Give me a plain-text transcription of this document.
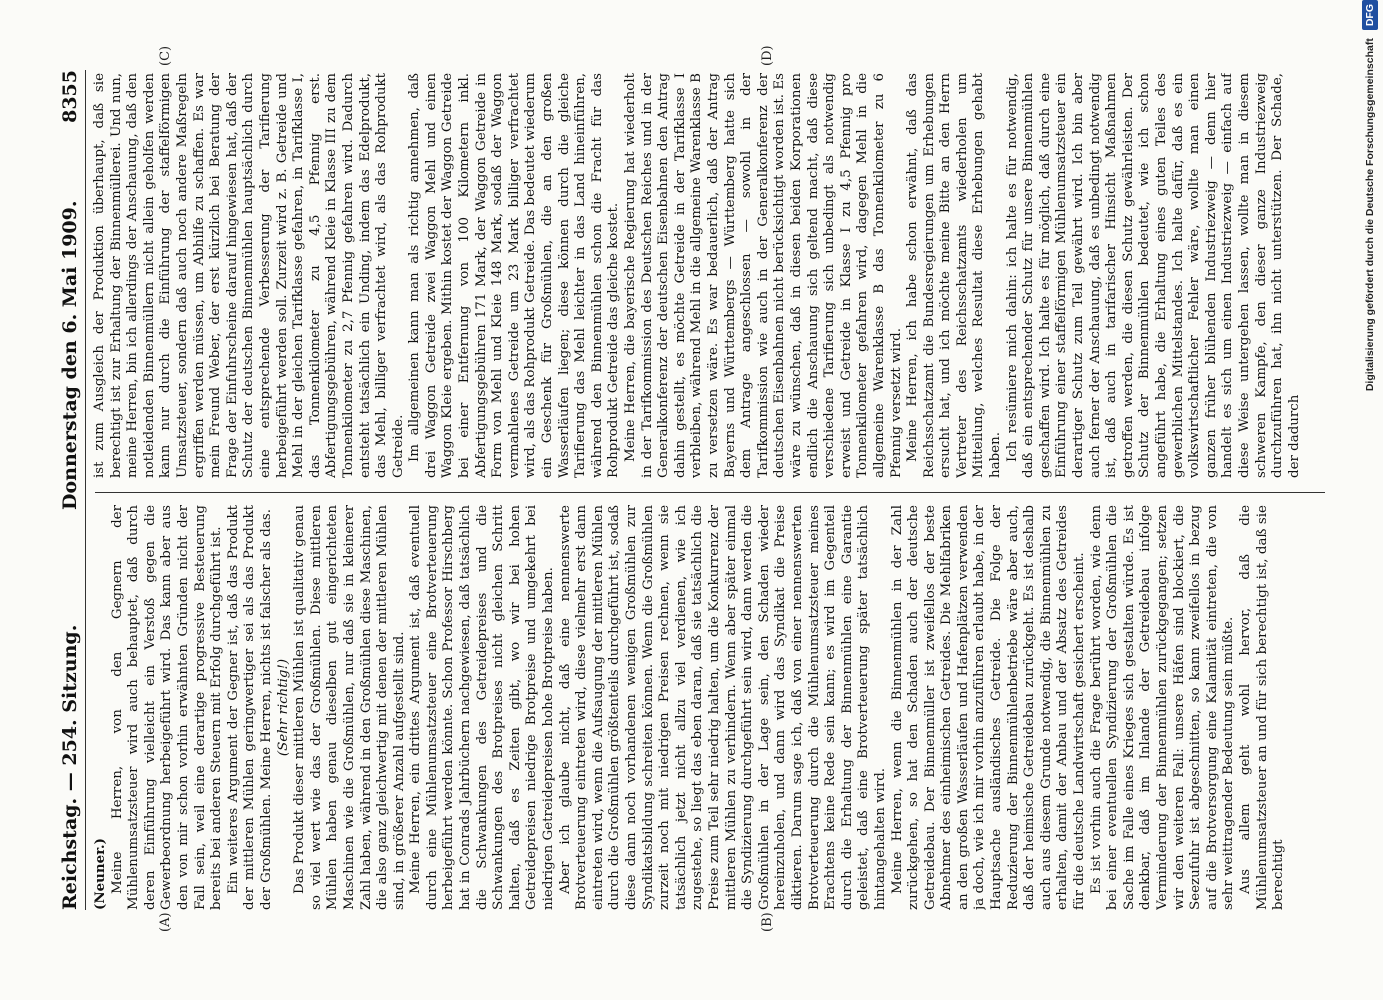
(A)	(B)
(C)	(D)
Reichstag. — 254. Sitzung.
Donnerstag den 6. Mai 1909.
8355

(Neuner.) Meine Herren, von den Gegnern der Mühlenumsatzsteuer wird auch behauptet, daß durch deren Einführung vielleicht ein Verstoß gegen die Gewerbeordnung herbeigeführt wird. Das kann aber aus den von mir schon vorhin erwähnten Gründen nicht der Fall sein, weil eine derartige progressive Besteuerung bereits bei anderen Steuern mit Erfolg durchgeführt ist. Ein weiteres Argument der Gegner ist, daß das Produkt der mittleren Mühlen geringwertiger sei als das Produkt der Großmühlen. Meine Herren, nichts ist falscher als das. (Sehr richtig!) Das Produkt dieser mittleren Mühlen ist qualitativ genau so viel wert wie das der Großmühlen. Diese mittleren Mühlen haben genau dieselben gut eingerichteten Maschinen wie die Großmühlen, nur daß sie in kleinerer Zahl haben, während in den Großmühlen diese Maschinen, die also ganz gleichwertig mit denen der mittleren Mühlen sind, in größerer Anzahl aufgestellt sind. Meine Herren, ein drittes Argument ist, daß eventuell durch eine Mühlenumsatzsteuer eine Brotverteuerung herbeigeführt werden könnte. Schon Professor Hirschberg hat in Conrads Jahrbüchern nachgewiesen, daß tatsächlich die Schwankungen des Getreidepreises und die Schwankungen des Brotpreises nicht gleichen Schritt halten, daß es Zeiten gibt, wo wir bei hohen Getreidepreisen niedrige Brotpreise und umgekehrt bei niedrigen Getreidepreisen hohe Brotpreise haben. Aber ich glaube nicht, daß eine nennenswerte Brotverteuerung eintreten wird, diese vielmehr erst dann eintreten wird, wenn die Aufsaugung der mittleren Mühlen durch die Großmühlen größtenteils durchgeführt ist, sodaß diese dann noch vorhandenen wenigen Großmühlen zur Syndikatsbildung schreiten können. Wenn die Großmühlen zurzeit noch mit niedrigen Preisen rechnen, wenn sie tatsächlich jetzt nicht allzu viel verdienen, wie ich zugestehe, so liegt das eben daran, daß sie tatsächlich die Preise zum Teil sehr niedrig halten, um die Konkurrenz der mittleren Mühlen zu verhindern. Wenn aber später einmal die Syndizierung durchgeführt sein wird, dann werden die Großmühlen in der Lage sein, den Schaden wieder hereinzuholen, und dann wird das Syndikat die Preise diktieren. Darum sage ich, daß von einer nennenswerten Brotverteuerung durch die Mühlenumsatzsteuer meines Erachtens keine Rede sein kann; es wird im Gegenteil durch die Erhaltung der Binnenmühlen eine Garantie geleistet, daß eine Brotverteuerung später tatsächlich hintangehalten wird. Meine Herren, wenn die Binnenmühlen in der Zahl zurückgehen, so hat den Schaden auch der deutsche Getreidebau. Der Binnenmüller ist zweifellos der beste Abnehmer des einheimischen Getreides. Die Mehlfabriken an den großen Wasserläufen und Hafenplätzen verwenden ja doch, wie ich mir vorhin anzuführen erlaubt habe, in der Hauptsache ausländisches Getreide. Die Folge der Reduzierung der Binnenmühlenbetriebe wäre aber auch, daß der heimische Getreidebau zurückgeht. Es ist deshalb auch aus diesem Grunde notwendig, die Binnenmühlen zu erhalten, damit der Anbau und der Absatz des Getreides für die deutsche Landwirtschaft gesichert erscheint. Es ist vorhin auch die Frage berührt worden, wie denn bei einer eventuellen Syndizierung der Großmühlen die Sache im Falle eines Krieges sich gestalten würde. Es ist denkbar, daß im Inlande der Getreidebau infolge Verminderung der Binnenmühlen zurückgegangen; setzen wir den weiteren Fall: unsere Häfen sind blockiert, die Seezufuhr ist abgeschnitten, so kann zweifellos in bezug auf die Brotversorgung eine Kalamität eintreten, die von sehr weittragender Bedeutung sein müßte. Aus allem geht wohl hervor, daß die Mühlenumsatzsteuer an und für sich berechtigt ist, daß sie berechtigt

ist zum Ausgleich der Produktion überhaupt, daß sie berechtigt ist zur Erhaltung der Binnenmüllerei. Und nun, meine Herren, bin ich allerdings der Anschauung, daß den notleidenden Binnenmüllern nicht allein geholfen werden kann nur durch die Einführung der staffelförmigen Umsatzsteuer, sondern daß auch noch andere Maßregeln ergriffen werden müssen, um Abhilfe zu schaffen. Es war mein Freund Weber, der erst kürzlich bei Beratung der Frage der Einfuhrscheine darauf hingewiesen hat, daß der Schutz der deutschen Binnenmühlen hauptsächlich durch eine entsprechende Verbesserung der Tarifierung herbeigeführt werden soll. Zurzeit wird z. B. Getreide und Mehl in der gleichen Tarifklasse gefahren, in Tarifklasse I, das Tonnenkilometer zu 4,5 Pfennig erst. Abfertigungsgebühren, während Kleie in Klasse III zu dem Tonnenkilometer zu 2,7 Pfennig gefahren wird. Dadurch entsteht tatsächlich ein Unding, indem das Edelprodukt, das Mehl, billiger verfrachtet wird, als das Rohprodukt Getreide. Im allgemeinen kann man als richtig annehmen, daß drei Waggon Getreide zwei Waggon Mehl und einen Waggon Kleie ergeben. Mithin kostet der Waggon Getreide bei einer Entfernung von 100 Kilometern inkl. Abfertigungsgebühren 171 Mark, der Waggon Getreide in Form von Mehl und Kleie 148 Mark, sodaß der Waggon vermahlenes Getreide um 23 Mark billiger verfrachtet wird, als das Rohprodukt Getreide. Das bedeutet wiederum ein Geschenk für Großmühlen, die an den großen Wasserläufen liegen; diese können durch die gleiche Tarifierung das Mehl leichter in das Land hineinführen, während den Binnenmühlen schon die Fracht für das Rohprodukt Getreide das gleiche kostet. Meine Herren, die bayerische Regierung hat wiederholt in der Tarifkommission des Deutschen Reiches und in der Generalkonferenz der deutschen Eisenbahnen den Antrag dahin gestellt, es möchte Getreide in der Tarifklasse I verbleiben, während Mehl in die allgemeine Warenklasse B zu versetzen wäre. Es war bedauerlich, daß der Antrag Bayerns und Württembergs — Württemberg hatte sich dem Antrage angeschlossen — sowohl in der Tarifkommission wie auch in der Generalkonferenz der deutschen Eisenbahnen nicht berücksichtigt worden ist. Es wäre zu wünschen, daß in diesen beiden Korporationen endlich die Anschauung sich geltend macht, daß diese verschiedene Tarifierung sich unbedingt als notwendig erweist und Getreide in Klasse I zu 4,5 Pfennig pro Tonnenkilometer gefahren wird, dagegen Mehl in die allgemeine Warenklasse B das Tonnenkilometer zu 6 Pfennig versetzt wird. Meine Herren, ich habe schon erwähnt, daß das Reichsschatzamt die Bundesregierungen um Erhebungen ersucht hat, und ich möchte meine Bitte an den Herrn Vertreter des Reichsschatzamts wiederholen um Mitteilung, welches Resultat diese Erhebungen gehabt haben. Ich resümiere mich dahin: ich halte es für notwendig, daß ein entsprechender Schutz für unsere Binnenmühlen geschaffen wird. Ich halte es für möglich, daß durch eine Einführung einer staffelförmigen Mühlenumsatzsteuer ein derartiger Schutz zum Teil gewährt wird. Ich bin aber auch ferner der Anschauung, daß es unbedingt notwendig ist, daß auch in tarifarischer Hinsicht Maßnahmen getroffen werden, die diesen Schutz gewährleisten. Der Schutz der Binnenmühlen bedeutet, wie ich schon angeführt habe, die Erhaltung eines guten Teiles des gewerblichen Mittelstandes. Ich halte dafür, daß es ein volkswirtschaftlicher Fehler wäre, wollte man einen ganzen früher blühenden Industriezweig — denn hier handelt es sich um einen Industriezweig — einfach auf diese Weise untergehen lassen, wollte man in diesem schweren Kampfe, den dieser ganze Industriezweig durchzuführen hat, ihn nicht unterstützen. Der Schade, der dadurch

Digitalisierung gefördert durch die Deutsche ForschungsgemeinschaftDFG
